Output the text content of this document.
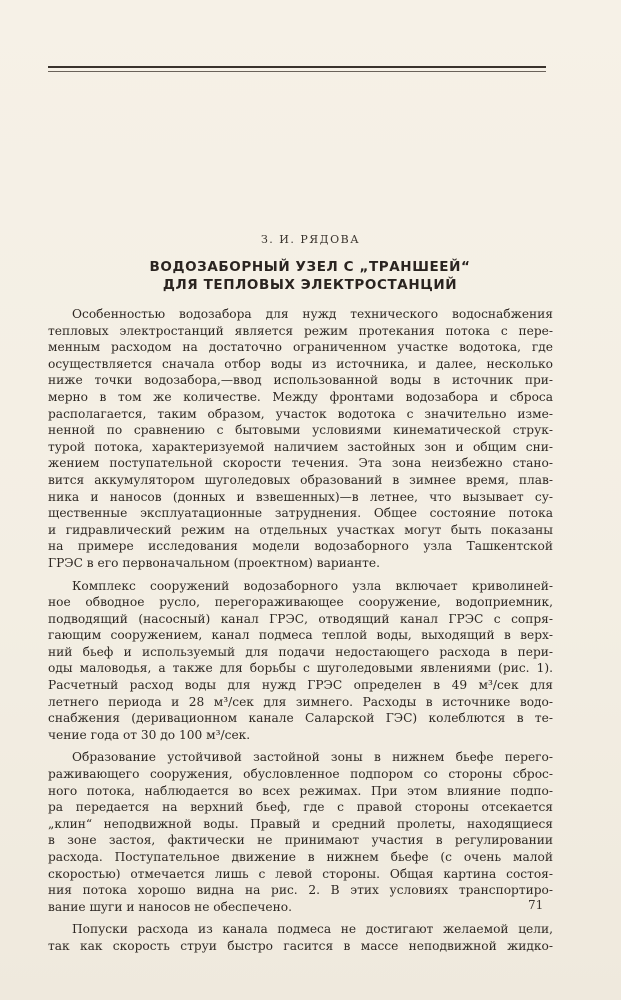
З. И. РЯДОВА
ВОДОЗАБОРНЫЙ УЗЕЛ С „ТРАНШЕЕЙ“
ДЛЯ ТЕПЛОВЫХ ЭЛЕКТРОСТАНЦИЙ

Особенностью водозабора для нужд технического водоснабжения
тепловых электростанций является режим протекания потока с пере-
менным расходом на достаточно ограниченном участке водотока, где
осуществляется сначала отбор воды из источника, и далее, несколько
ниже точки водозабора,—ввод использованной воды в источник при-
мерно в том же количестве. Между фронтами водозабора и сброса
располагается, таким образом, участок водотока с значительно изме-
ненной по сравнению с бытовыми условиями кинематической струк-
турой потока, характеризуемой наличием застойных зон и общим сни-
жением поступательной скорости течения. Эта зона неизбежно стано-
вится аккумулятором шуголедовых образований в зимнее время, плав-
ника и наносов (донных и взвешенных)—в летнее, что вызывает су-
щественные эксплуатационные затруднения. Общее состояние потока
и гидравлический режим на отдельных участках могут быть показаны
на примере исследования модели водозаборного узла Ташкентской
ГРЭС в его первоначальном (проектном) варианте.

Комплекс сооружений водозаборного узла включает криволиней-
ное обводное русло, перегораживающее сооружение, водоприемник,
подводящий (насосный) канал ГРЭС, отводящий канал ГРЭС с сопря-
гающим сооружением, канал подмеса теплой воды, выходящий в верх-
ний бьеф и используемый для подачи недостающего расхода в пери-
оды маловодья, а также для борьбы с шуголедовыми явлениями (рис. 1).
Расчетный расход воды для нужд ГРЭС определен в 49 м³/сек для
летнего периода и 28 м³/сек для зимнего. Расходы в источнике водо-
снабжения (деривационном канале Саларской ГЭС) колеблются в те-
чение года от 30 до 100 м³/сек.

Образование устойчивой застойной зоны в нижнем бьефе перего-
раживающего сооружения, обусловленное подпором со стороны сброс-
ного потока, наблюдается во всех режимах. При этом влияние подпо-
ра передается на верхний бьеф, где с правой стороны отсекается
„клин“ неподвижной воды. Правый и средний пролеты, находящиеся
в зоне застоя, фактически не принимают участия в регулировании
расхода. Поступательное движение в нижнем бьефе (с очень малой
скоростью) отмечается лишь с левой стороны. Общая картина состоя-
ния потока хорошо видна на рис. 2. В этих условиях транспортиро-
вание шуги и наносов не обеспечено.

Попуски расхода из канала подмеса не достигают желаемой цели,
так как скорость струи быстро гасится в массе неподвижной жидко-

71
